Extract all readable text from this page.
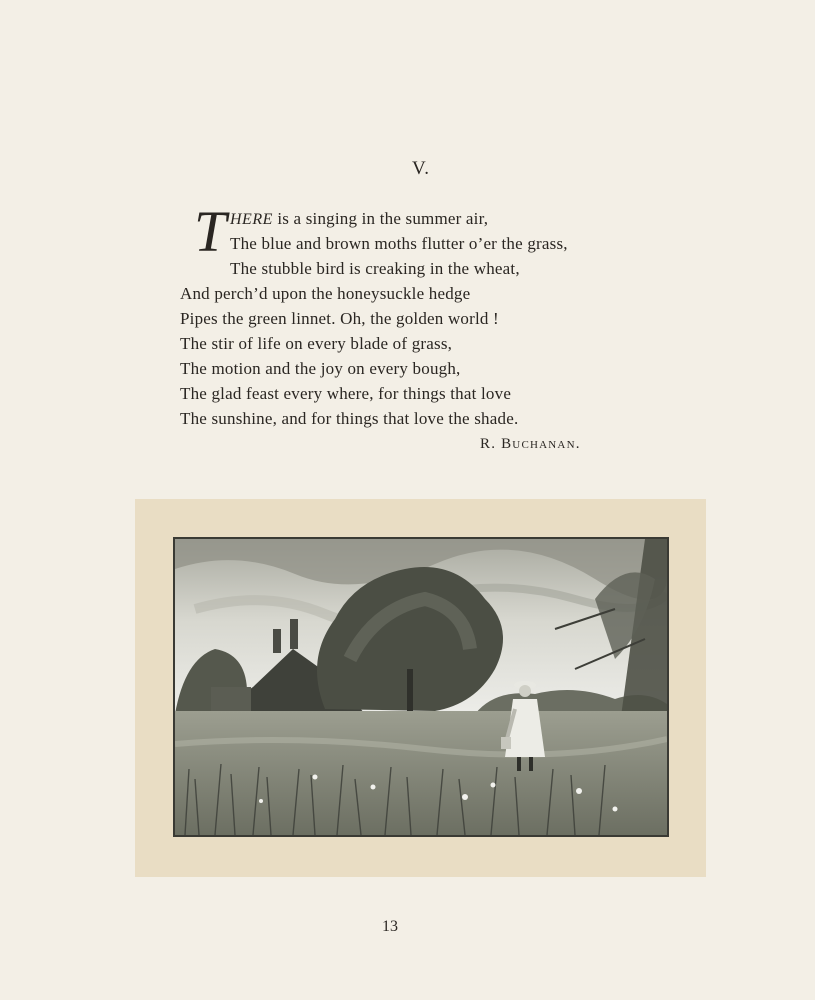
V.
T HERE is a singing in the summer air,
The blue and brown moths flutter o’er the grass,
The stubble bird is creaking in the wheat,
And perch’d upon the honeysuckle hedge
Pipes the green linnet. Oh, the golden world !
The stir of life on every blade of grass,
The motion and the joy on every bough,
The glad feast every where, for things that love
The sunshine, and for things that love the shade.
R. Buchanan.
13
